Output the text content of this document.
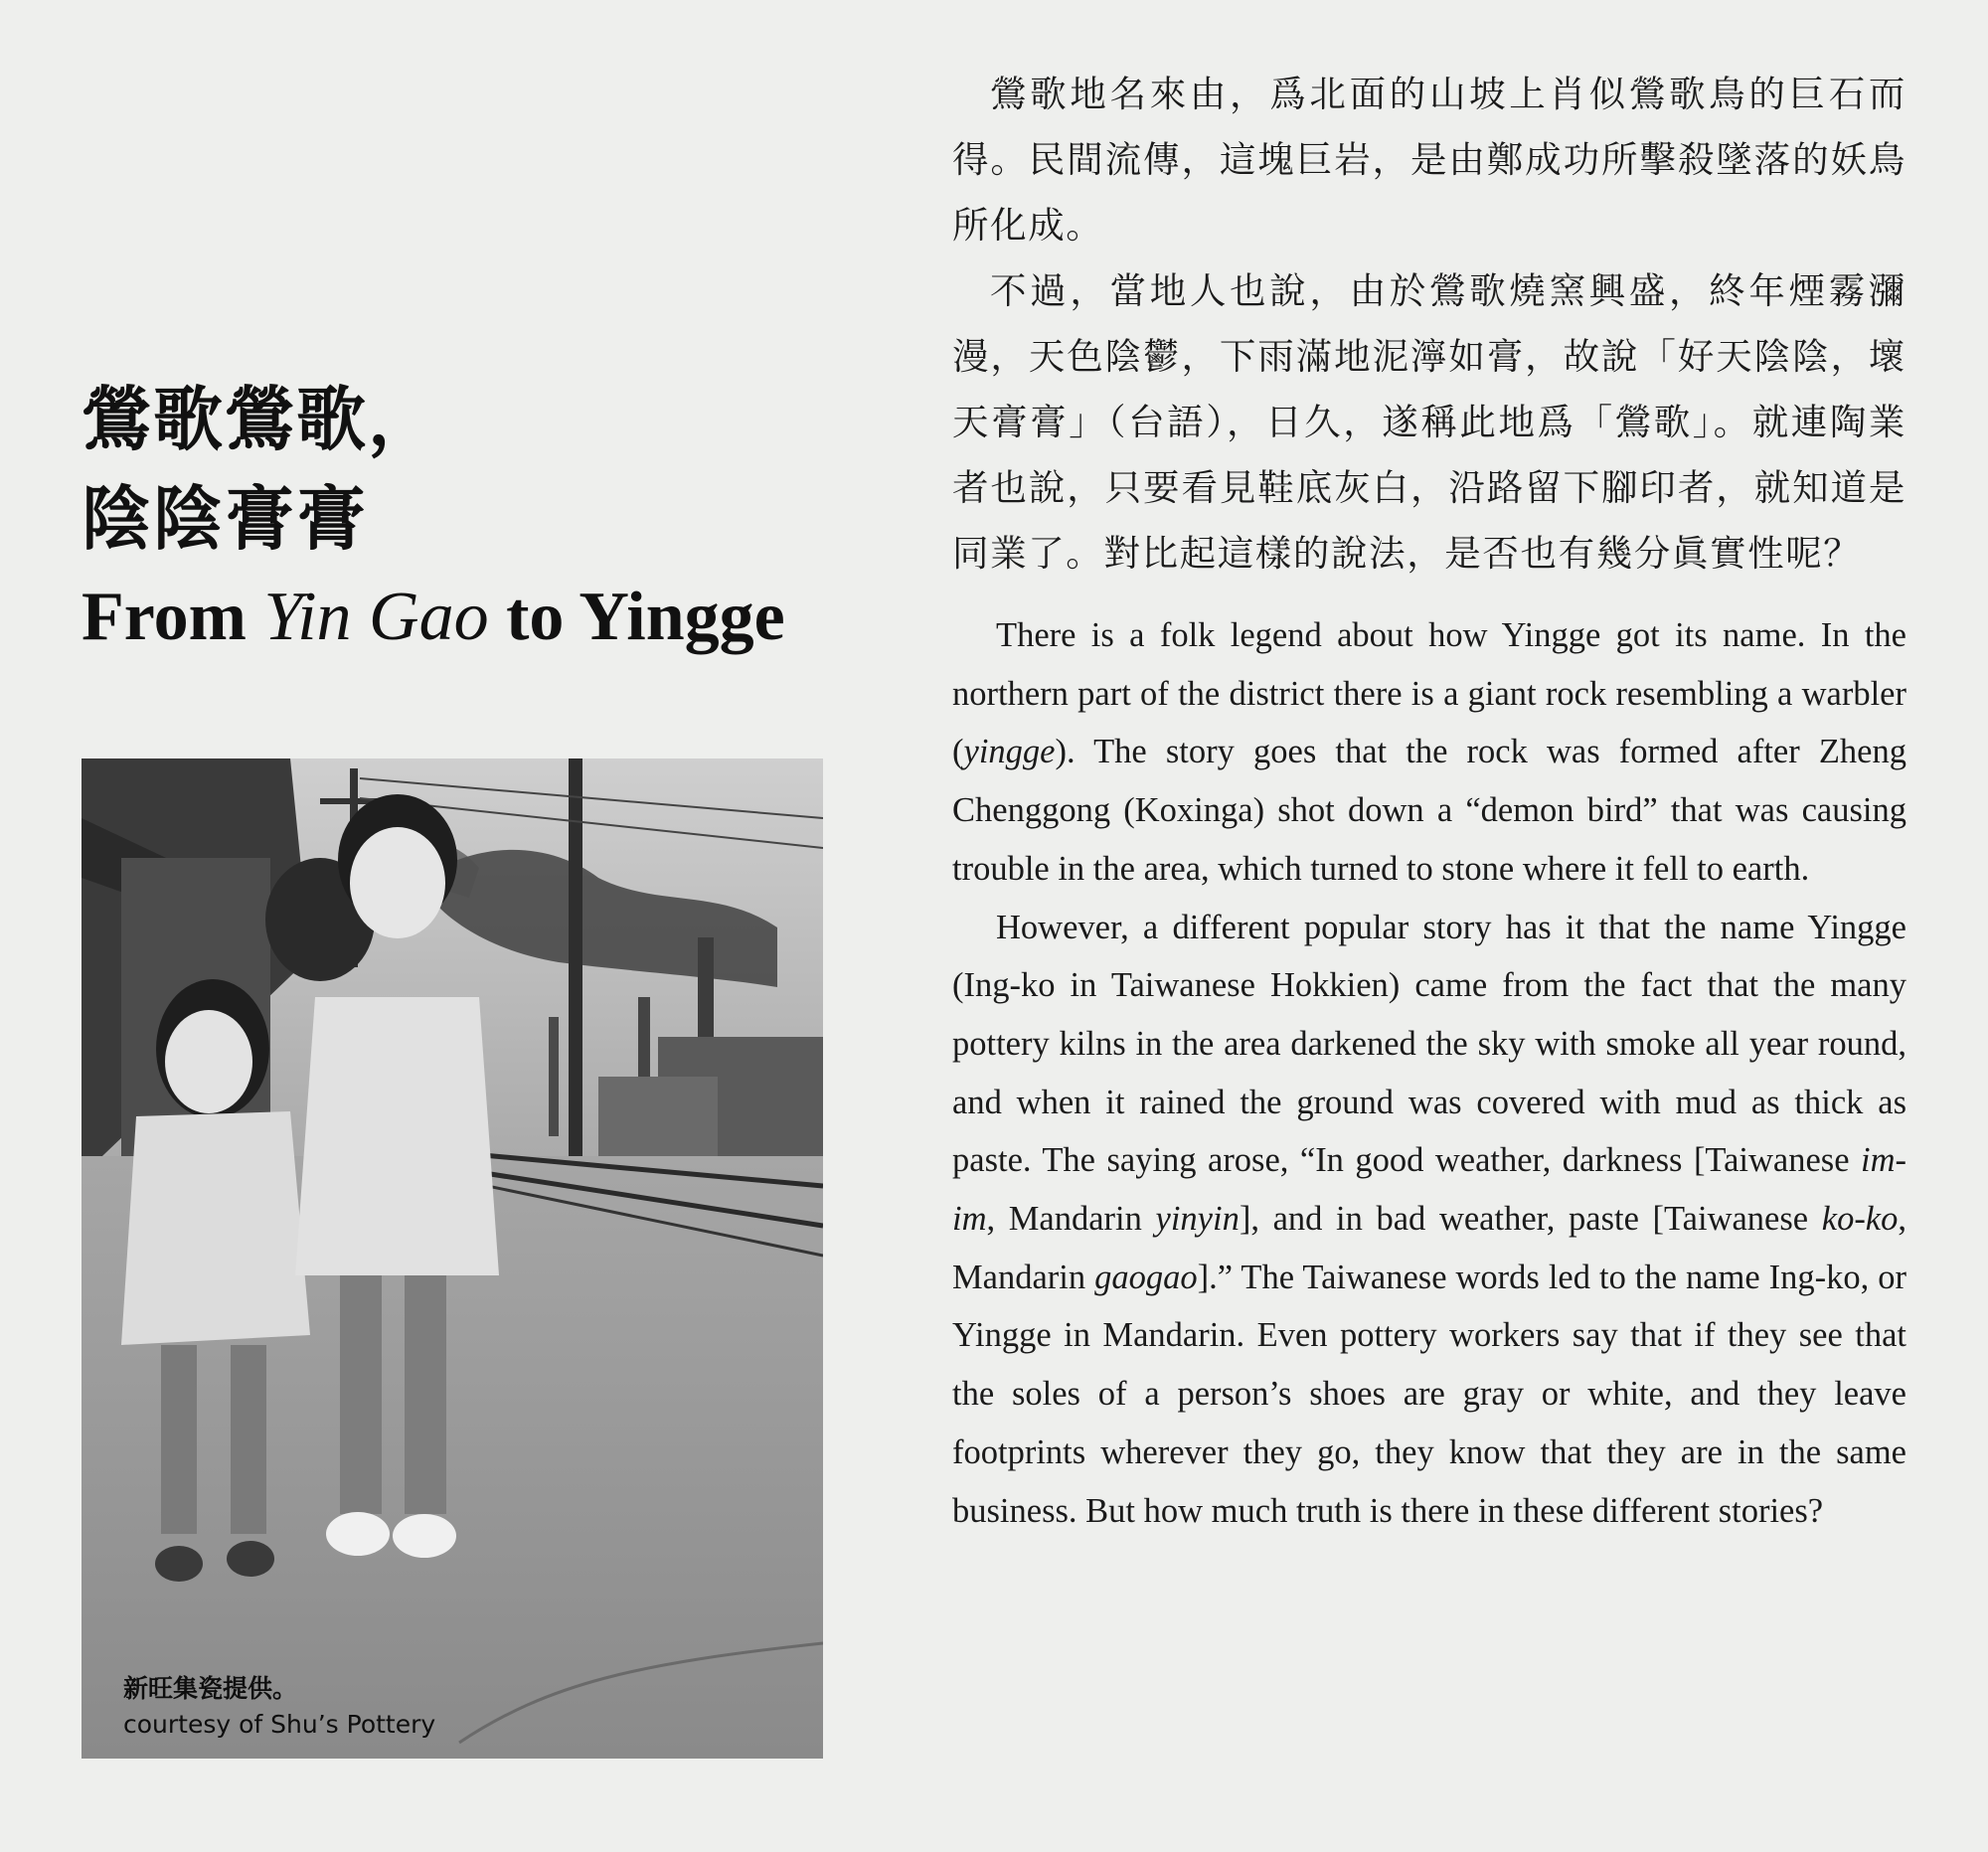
鶯歌鶯歌，
陰陰膏膏
From Yin Gao to Yingge
新旺集瓷提供。
courtesy of Shu’s Pottery

鶯歌地名來由，爲北面的山坡上肖似鶯歌鳥的巨石而得。民間流傳，這塊巨岩，是由鄭成功所擊殺墜落的妖鳥所化成。

不過，當地人也說，由於鶯歌燒窯興盛，終年煙霧瀰漫，天色陰鬱，下雨滿地泥濘如膏，故說「好天陰陰，壞天膏膏」（台語），日久，遂稱此地爲「鶯歌」。就連陶業者也說，只要看見鞋底灰白，沿路留下腳印者，就知道是同業了。對比起這樣的說法，是否也有幾分眞實性呢？

There is a folk legend about how Yingge got its name. In the northern part of the district there is a giant rock resembling a warbler (yingge). The story goes that the rock was formed after Zheng Chenggong (Koxinga) shot down a “demon bird” that was causing trouble in the area, which turned to stone where it fell to earth.

However, a different popular story has it that the name Yingge (Ing-ko in Taiwanese Hokkien) came from the fact that the many pottery kilns in the area darkened the sky with smoke all year round, and when it rained the ground was covered with mud as thick as paste. The saying arose, “In good weather, darkness [Taiwanese im-im, Mandarin yinyin], and in bad weather, paste [Taiwanese ko-ko, Mandarin gaogao].” The Taiwanese words led to the name Ing-ko, or Yingge in Mandarin. Even pottery workers say that if they see that the soles of a person’s shoes are gray or white, and they leave footprints wherever they go, they know that they are in the same business. But how much truth is there in these different stories?
